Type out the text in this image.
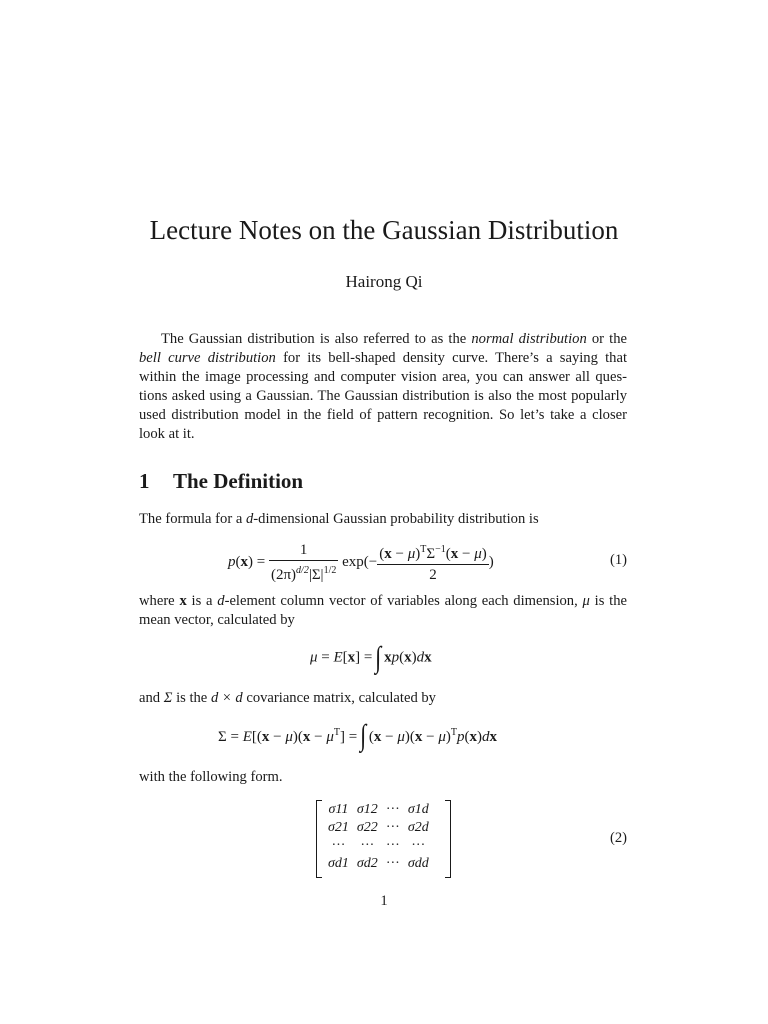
Lecture Notes on the Gaussian Distribution
Hairong Qi
The Gaussian distribution is also referred to as the normal distribution or the
bell curve distribution for its bell-shaped density curve. There’s a saying that
within the image processing and computer vision area, you can answer all ques-
tions asked using a Gaussian. The Gaussian distribution is also the most popularly
used distribution model in the field of pattern recognition. So let’s take a closer
look at it.
1 The Definition
The formula for a d-dimensional Gaussian probability distribution is
$p(x) = \frac{1}{(2\pi)^{d/2}|\Sigma|^{1/2}} \exp(- \frac{(x - \mu)^T\Sigma^{-1}(x - \mu)}{2}$ )	(1)
where x is a d-element column vector of variables along each dimension, μ is the
mean vector, calculated by
μ = E[x] = ∫ xp(x)dx
and Σ is the d × d covariance matrix, calculated by
$\Sigma = E[(x - \mu)(x - \mu^T]$ = ∫ $(x - \mu)(x - \mu)^Tp(x)dx$
with the following form.
σ11	σ12	···	σ1d
σ21	σ22	···	σ2d
···	···	···	···
σd1	σd2	···	σdd
(2)
1
